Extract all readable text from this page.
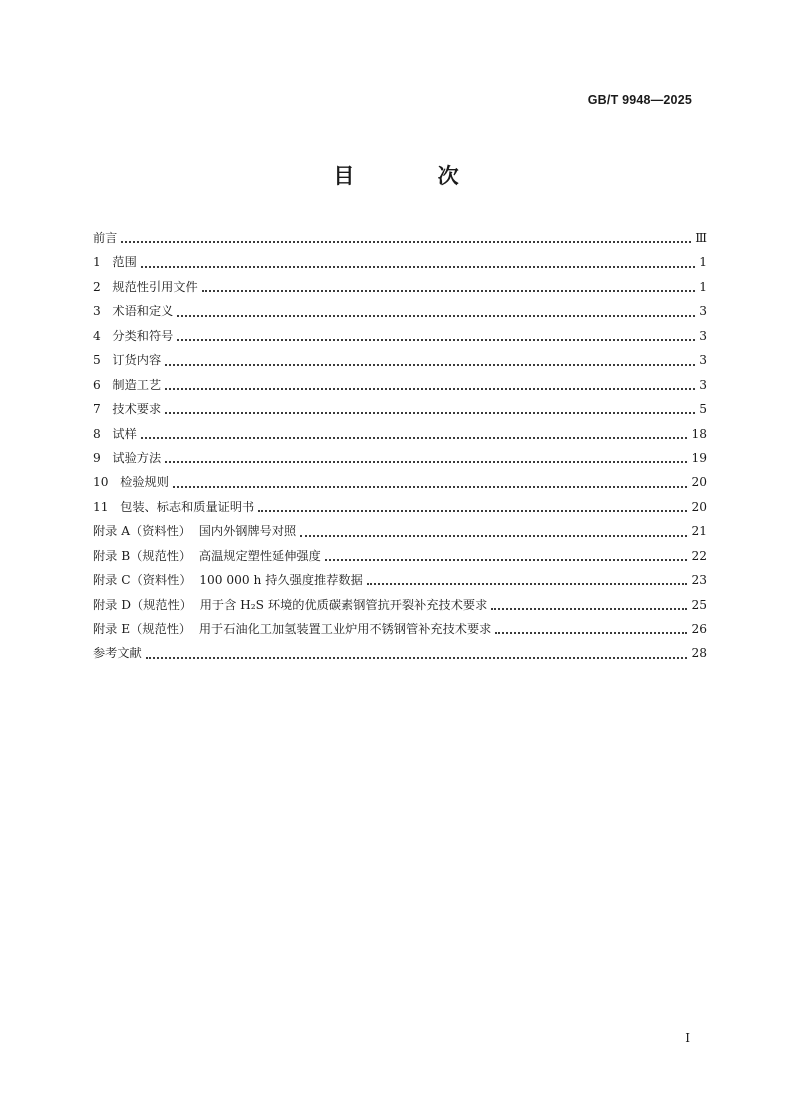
GB/T 9948—2025
目 次
前言	Ⅲ
1   范围	1
2   规范性引用文件	1
3   术语和定义	3
4   分类和符号	3
5   订货内容	3
6   制造工艺	3
7   技术要求	5
8   试样	18
9   试验方法	19
10   检验规则	20
11   包装、标志和质量证明书	20
附录 A（资料性）  国内外钢牌号对照	21
附录 B（规范性）  高温规定塑性延伸强度	22
附录 C（资料性）  100 000 h 持久强度推荐数据	23
附录 D（规范性）  用于含 H₂S 环境的优质碳素钢管抗开裂补充技术要求	25
附录 E（规范性）  用于石油化工加氢装置工业炉用不锈钢管补充技术要求	26
参考文献	28
I
